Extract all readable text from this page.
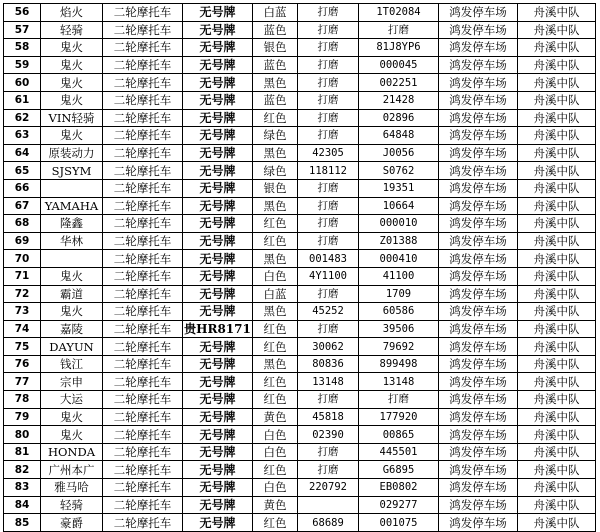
56	焰火	二轮摩托车	无号牌	白蓝	打磨	1T02084	鸿发停车场	舟溪中队
57	轻骑	二轮摩托车	无号牌	蓝色	打磨	打磨	鸿发停车场	舟溪中队
58	鬼火	二轮摩托车	无号牌	银色	打磨	81J8YP6	鸿发停车场	舟溪中队
59	鬼火	二轮摩托车	无号牌	蓝色	打磨	000045	鸿发停车场	舟溪中队
60	鬼火	二轮摩托车	无号牌	黑色	打磨	002251	鸿发停车场	舟溪中队
61	鬼火	二轮摩托车	无号牌	蓝色	打磨	21428	鸿发停车场	舟溪中队
62	VIN轻骑	二轮摩托车	无号牌	红色	打磨	02896	鸿发停车场	舟溪中队
63	鬼火	二轮摩托车	无号牌	绿色	打磨	64848	鸿发停车场	舟溪中队
64	原装动力	二轮摩托车	无号牌	黑色	42305	J0056	鸿发停车场	舟溪中队
65	SJSYM	二轮摩托车	无号牌	绿色	118112	S0762	鸿发停车场	舟溪中队
66		二轮摩托车	无号牌	银色	打磨	19351	鸿发停车场	舟溪中队
67	YAMAHA	二轮摩托车	无号牌	黑色	打磨	10664	鸿发停车场	舟溪中队
68	隆鑫	二轮摩托车	无号牌	红色	打磨	000010	鸿发停车场	舟溪中队
69	华林	二轮摩托车	无号牌	红色	打磨	Z01388	鸿发停车场	舟溪中队
70		二轮摩托车	无号牌	黑色	001483	000410	鸿发停车场	舟溪中队
71	鬼火	二轮摩托车	无号牌	白色	4Y1100	41100	鸿发停车场	舟溪中队
72	霸道	二轮摩托车	无号牌	白蓝	打磨	1709	鸿发停车场	舟溪中队
73	鬼火	二轮摩托车	无号牌	黑色	45252	60586	鸿发停车场	舟溪中队
74	嘉陵	二轮摩托车	贵HR8171	红色	打磨	39506	鸿发停车场	舟溪中队
75	DAYUN	二轮摩托车	无号牌	红色	30062	79692	鸿发停车场	舟溪中队
76	钱江	二轮摩托车	无号牌	黑色	80836	899498	鸿发停车场	舟溪中队
77	宗申	二轮摩托车	无号牌	红色	13148	13148	鸿发停车场	舟溪中队
78	大运	二轮摩托车	无号牌	红色	打磨	打磨	鸿发停车场	舟溪中队
79	鬼火	二轮摩托车	无号牌	黄色	45818	177920	鸿发停车场	舟溪中队
80	鬼火	二轮摩托车	无号牌	白色	02390	00865	鸿发停车场	舟溪中队
81	HONDA	二轮摩托车	无号牌	白色	打磨	445501	鸿发停车场	舟溪中队
82	广州本广	二轮摩托车	无号牌	红色	打磨	G6895	鸿发停车场	舟溪中队
83	雅马哈	二轮摩托车	无号牌	白色	220792	EB0802	鸿发停车场	舟溪中队
84	轻骑	二轮摩托车	无号牌	黄色		029277	鸿发停车场	舟溪中队
85	豪爵	二轮摩托车	无号牌	红色	68689	001075	鸿发停车场	舟溪中队
